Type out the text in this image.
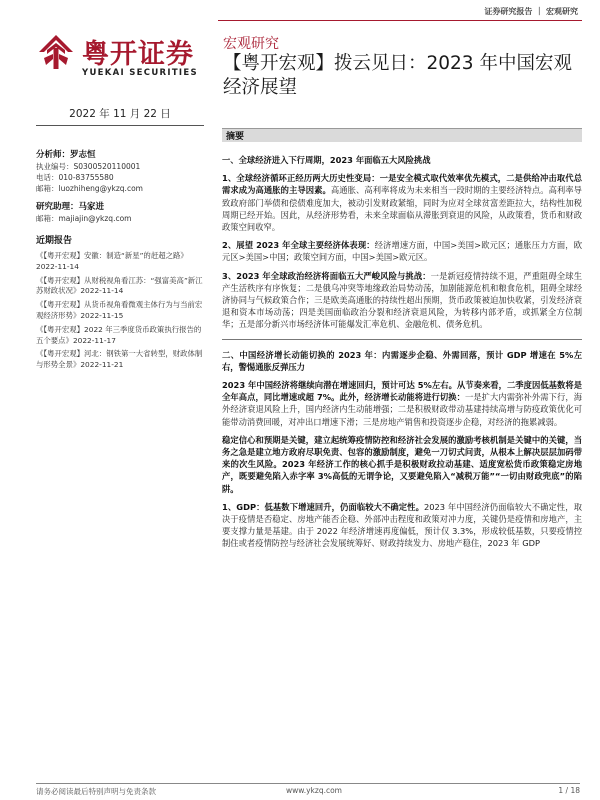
证券研究报告 ｜ 宏观研究
粤开证券
YUEKAI SECURITIES
宏观研究
【粤开宏观】拨云见日：2023 年中国宏观经济展望
2022 年 11 月 22 日
分析师：罗志恒
执业编号：S0300520110001
电话：010-83755580
邮箱：luozhiheng@ykzq.com
研究助理：马家进
邮箱：majiajin@ykzq.com
近期报告
《【粤开宏观】安徽：制造“新星”的赶超之路》2022-11-14
《【粤开宏观】从财税视角看江苏：“强富美高”新江苏财政状况》2022-11-14
《【粤开宏观】从货币视角看微观主体行为与当前宏观经济形势》2022-11-15
《【粤开宏观】2022 年三季度货币政策执行报告的五个要点》2022-11-17
《【粤开宏观】河北：钢铁第一大省转型，财政体制与形势全景》2022-11-21
摘要

一、全球经济进入下行周期，2023 年面临五大风险挑战

1、全球经济循环正经历两大历史性变局：一是安全模式取代效率优先模式，二是供给冲击取代总需求成为高通胀的主导因素。高通胀、高利率将成为未来相当一段时期的主要经济特点。高利率导致政府部门举债和偿债难度加大，被动引发财政紧缩，同时为应对全球贫富差距拉大，结构性加税周期已经开始。因此，从经济形势看，未来全球面临从滞胀到衰退的风险，从政策看，货币和财政政策空间收窄。

2、展望 2023 年全球主要经济体表现：经济增速方面，中国>美国>欧元区；通胀压力方面，欧元区>美国>中国；政策空间方面，中国>美国>欧元区。

3、2023 年全球政治经济将面临五大严峻风险与挑战：一是新冠疫情持续不退，严重阻碍全球生产生活秩序有序恢复；二是俄乌冲突等地缘政治局势动荡，加剧能源危机和粮食危机，阻碍全球经济协同与气候政策合作；三是欧美高通胀的持续性超出预期，货币政策被迫加快收紧，引发经济衰退和资本市场动荡；四是美国面临政治分裂和经济衰退风险，为转移内部矛盾，或抓紧全方位制华；五是部分新兴市场经济体可能爆发汇率危机、金融危机、债务危机。

二、中国经济增长动能切换的 2023 年：内需逐步企稳、外需回落，预计 GDP 增速在 5%左右，警惕通胀反弹压力

2023 年中国经济将继续向潜在增速回归，预计可达 5%左右。从节奏来看，二季度因低基数将是全年高点，同比增速或超 7%。此外，经济增长动能将进行切换：一是扩大内需弥补外需下行，海外经济衰退风险上升，国内经济内生动能增强；二是积极财政带动基建持续高增与防疫政策优化可能带动消费回暖，对冲出口增速下滑；三是房地产销售和投资逐步企稳，对经济的拖累减弱。

稳定信心和预期是关键，建立起统筹疫情防控和经济社会发展的激励考核机制是关键中的关键，当务之急是建立地方政府尽职免责、包容的激励制度，避免一刀切式问责，从根本上解决层层加码带来的次生风险。2023 年经济工作的核心抓手是积极财政拉动基建、适度宽松货币政策稳定房地产，既要避免陷入赤字率 3%高低的无谓争论，又要避免陷入“减税万能”“一切由财政兜底”的陷阱。

1、GDP：低基数下增速回升，仍面临较大不确定性。2023 年中国经济仍面临较大不确定性，取决于疫情是否稳定、房地产能否企稳、外部冲击程度和政策对冲力度，关键仍是疫情和房地产，主要支撑力量是基建。由于 2022 年经济增速再度偏低，预计仅 3.3%，形成较低基数，只要疫情控制住或者疫情防控与经济社会发展统筹好、财政持续发力、房地产稳住，2023 年 GDP

请务必阅读最后特别声明与免责条款	www.ykzq.com	1 / 18
